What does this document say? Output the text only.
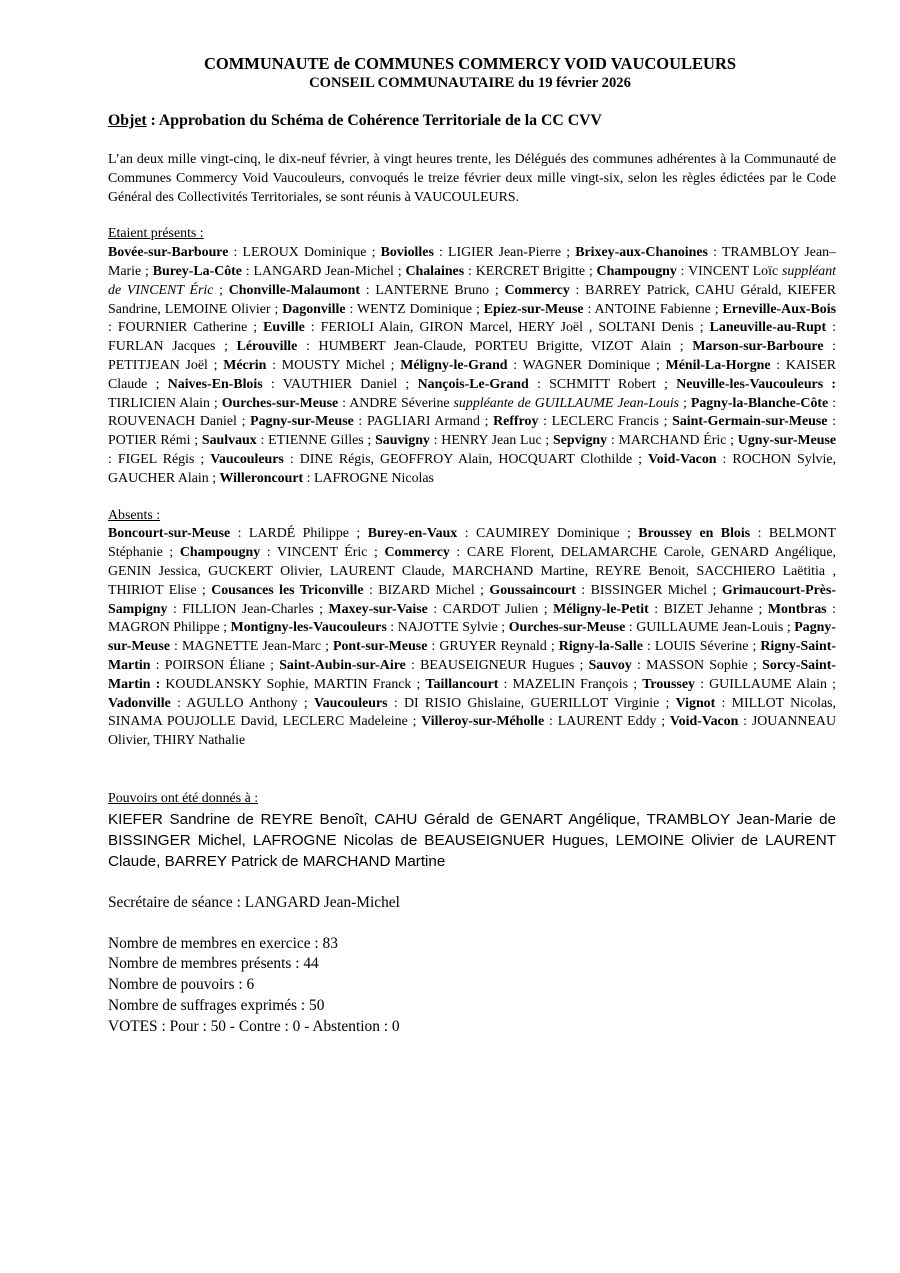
COMMUNAUTE de COMMUNES COMMERCY VOID VAUCOULEURS
CONSEIL COMMUNAUTAIRE du 19 février 2026
Objet : Approbation du Schéma de Cohérence Territoriale de la CC CVV
L’an deux mille vingt-cinq, le dix-neuf février, à vingt heures trente, les Délégués des communes adhérentes à la Communauté de Communes Commercy Void Vaucouleurs, convoqués le treize février deux mille vingt-six, selon les règles édictées par le Code Général des Collectivités Territoriales, se sont réunis à VAUCOULEURS.
Etaient présents :
Bovée-sur-Barboure : LEROUX Dominique ; Boviolles : LIGIER Jean-Pierre ; Brixey-aux-Chanoines : TRAMBLOY Jean–Marie ; Burey-La-Côte : LANGARD Jean-Michel ; Chalaines : KERCRET Brigitte ; Champougny : VINCENT Loïc suppléant de VINCENT Éric ; Chonville-Malaumont : LANTERNE Bruno ; Commercy : BARREY Patrick, CAHU Gérald, KIEFER Sandrine, LEMOINE Olivier ; Dagonville : WENTZ Dominique ; Epiez-sur-Meuse : ANTOINE Fabienne ; Erneville-Aux-Bois : FOURNIER Catherine ; Euville : FERIOLI Alain, GIRON Marcel, HERY Joël , SOLTANI Denis ; Laneuville-au-Rupt : FURLAN Jacques ; Lérouville : HUMBERT Jean-Claude, PORTEU Brigitte, VIZOT Alain ; Marson-sur-Barboure : PETITJEAN Joël ; Mécrin : MOUSTY Michel ; Méligny-le-Grand : WAGNER Dominique ; Ménil-La-Horgne : KAISER Claude ; Naives-En-Blois : VAUTHIER Daniel ; Nançois-Le-Grand : SCHMITT Robert ; Neuville-les-Vaucouleurs : TIRLICIEN Alain ; Ourches-sur-Meuse : ANDRE Séverine suppléante de GUILLAUME Jean-Louis ; Pagny-la-Blanche-Côte : ROUVENACH Daniel ; Pagny-sur-Meuse : PAGLIARI Armand ; Reffroy : LECLERC Francis ; Saint-Germain-sur-Meuse : POTIER Rémi ; Saulvaux : ETIENNE Gilles ; Sauvigny : HENRY Jean Luc ; Sepvigny : MARCHAND Éric ; Ugny-sur-Meuse : FIGEL Régis ; Vaucouleurs : DINE Régis, GEOFFROY Alain, HOCQUART Clothilde ; Void-Vacon : ROCHON Sylvie, GAUCHER Alain ; Willeroncourt : LAFROGNE Nicolas
Absents :
Boncourt-sur-Meuse : LARDÉ Philippe ; Burey-en-Vaux : CAUMIREY Dominique ; Broussey en Blois : BELMONT Stéphanie ; Champougny : VINCENT Éric ; Commercy : CARE Florent, DELAMARCHE Carole, GENARD Angélique, GENIN Jessica, GUCKERT Olivier, LAURENT Claude, MARCHAND Martine, REYRE Benoit, SACCHIERO Laëtitia , THIRIOT Elise ; Cousances les Triconville : BIZARD Michel ; Goussaincourt : BISSINGER Michel ; Grimaucourt-Près-Sampigny : FILLION Jean-Charles ; Maxey-sur-Vaise : CARDOT Julien ; Méligny-le-Petit : BIZET Jehanne ; Montbras : MAGRON Philippe ; Montigny-les-Vaucouleurs : NAJOTTE Sylvie ; Ourches-sur-Meuse : GUILLAUME Jean-Louis ; Pagny-sur-Meuse : MAGNETTE Jean-Marc ; Pont-sur-Meuse : GRUYER Reynald ; Rigny-la-Salle : LOUIS Séverine ; Rigny-Saint-Martin : POIRSON Éliane ; Saint-Aubin-sur-Aire : BEAUSEIGNEUR Hugues ; Sauvoy : MASSON Sophie ; Sorcy-Saint-Martin : KOUDLANSKY Sophie, MARTIN Franck ; Taillancourt : MAZELIN François ; Troussey : GUILLAUME Alain ; Vadonville : AGULLO Anthony ; Vaucouleurs : DI RISIO Ghislaine, GUERILLOT Virginie ; Vignot : MILLOT Nicolas, SINAMA POUJOLLE David, LECLERC Madeleine ; Villeroy-sur-Méholle : LAURENT Eddy ; Void-Vacon : JOUANNEAU Olivier, THIRY Nathalie
Pouvoirs ont été donnés à :
KIEFER Sandrine de REYRE Benoît, CAHU Gérald de GENART Angélique, TRAMBLOY Jean-Marie de BISSINGER Michel, LAFROGNE Nicolas de BEAUSEIGNUER Hugues, LEMOINE Olivier de LAURENT Claude, BARREY Patrick de MARCHAND Martine
Secrétaire de séance : LANGARD Jean-Michel
Nombre de membres en exercice : 83
Nombre de membres présents : 44
Nombre de pouvoirs : 6
Nombre de suffrages exprimés : 50
VOTES : Pour : 50 - Contre : 0 - Abstention : 0
